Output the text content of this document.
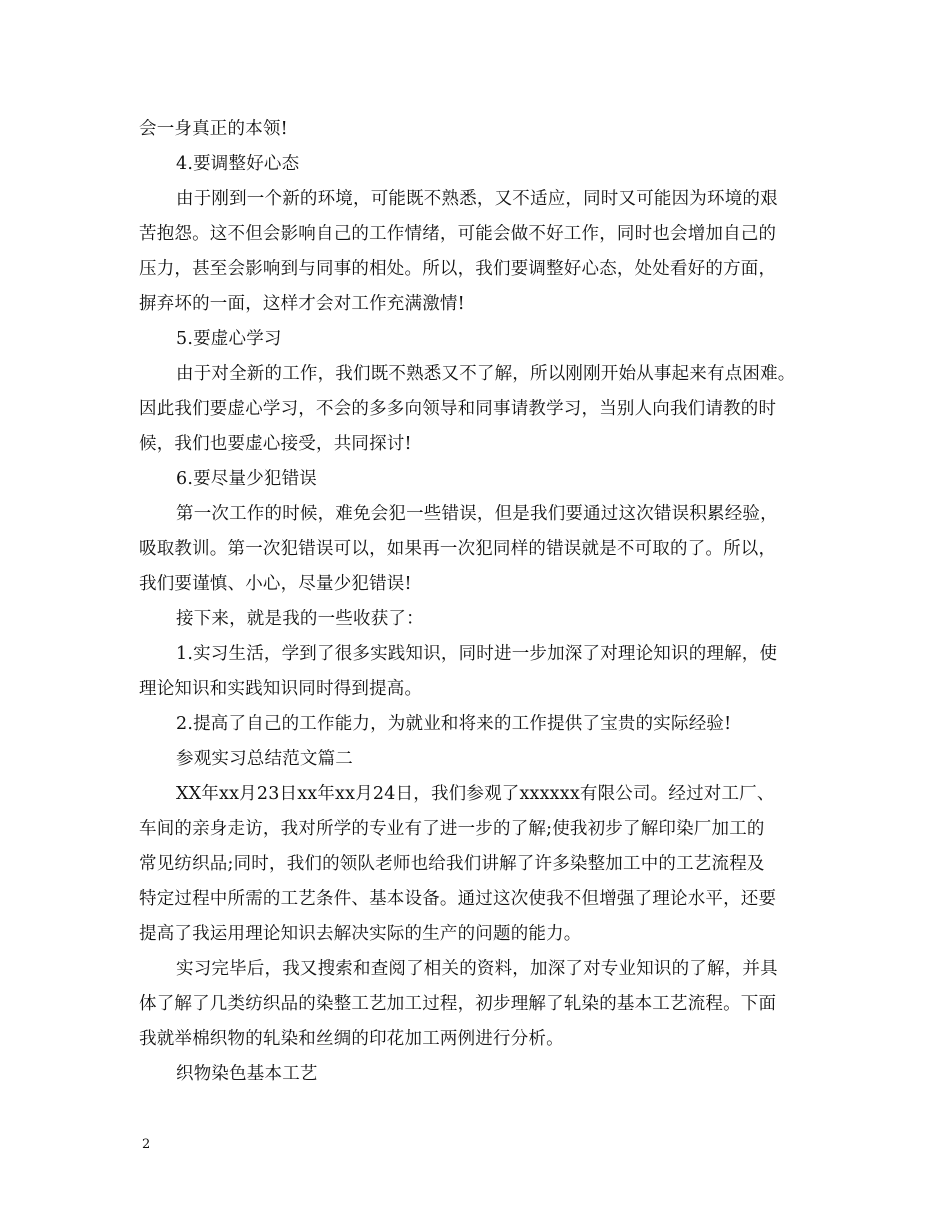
会一身真正的本领!
4.要调整好心态
由于刚到一个新的环境，可能既不熟悉，又不适应，同时又可能因为环境的艰
苦抱怨。这不但会影响自己的工作情绪，可能会做不好工作，同时也会增加自己的
压力，甚至会影响到与同事的相处。所以，我们要调整好心态，处处看好的方面，
摒弃坏的一面，这样才会对工作充满激情!
5.要虚心学习
由于对全新的工作，我们既不熟悉又不了解，所以刚刚开始从事起来有点困难。
因此我们要虚心学习，不会的多多向领导和同事请教学习，当别人向我们请教的时
候，我们也要虚心接受，共同探讨!
6.要尽量少犯错误
第一次工作的时候，难免会犯一些错误，但是我们要通过这次错误积累经验，
吸取教训。第一次犯错误可以，如果再一次犯同样的错误就是不可取的了。所以，
我们要谨慎、小心，尽量少犯错误!
接下来，就是我的一些收获了：
1.实习生活，学到了很多实践知识，同时进一步加深了对理论知识的理解，使
理论知识和实践知识同时得到提高。
2.提高了自己的工作能力，为就业和将来的工作提供了宝贵的实际经验!
参观实习总结范文篇二
XX年xx月23日xx年xx月24日，我们参观了xxxxxx有限公司。经过对工厂、
车间的亲身走访，我对所学的专业有了进一步的了解;使我初步了解印染厂加工的
常见纺织品;同时，我们的领队老师也给我们讲解了许多染整加工中的工艺流程及
特定过程中所需的工艺条件、基本设备。通过这次使我不但增强了理论水平，还要
提高了我运用理论知识去解决实际的生产的问题的能力。
实习完毕后，我又搜索和查阅了相关的资料，加深了对专业知识的了解，并具
体了解了几类纺织品的染整工艺加工过程，初步理解了轧染的基本工艺流程。下面
我就举棉织物的轧染和丝绸的印花加工两例进行分析。
织物染色基本工艺
2
